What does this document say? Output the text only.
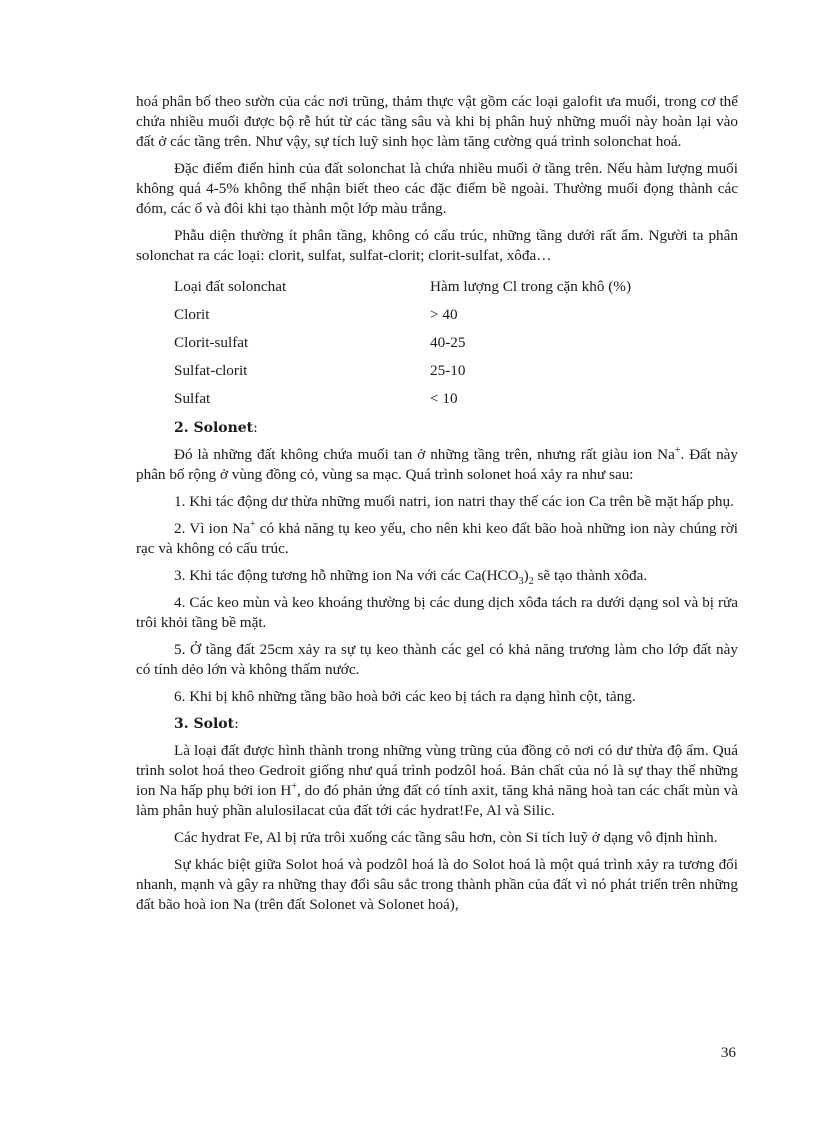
hoá phân bố theo sườn của các nơi trũng, thảm thực vật gồm các loại galofit ưa muối, trong cơ thể chứa nhiều muối được bộ rễ hút từ các tầng sâu và khi bị phân huỷ những muối này hoàn lại vào đất ở các tầng trên. Như vậy, sự tích luỹ sinh học làm tăng cường quá trình solonchat hoá.

Đặc điểm điển hình của đất solonchat là chứa nhiều muối ở tầng trên. Nếu hàm lượng muối không quá 4-5% không thể nhận biết theo các đặc điểm bề ngoài. Thường muối đọng thành các đóm, các ổ và đôi khi tạo thành một lớp màu trắng.

Phẫu diện thường ít phân tầng, không có cấu trúc, những tầng dưới rất ẩm. Người ta phân solonchat ra các loại: clorit, sulfat, sulfat-clorit; clorit-sulfat, xôđa…

Loại đất solonchat	Hàm lượng Cl trong cặn khô (%)
Clorit	> 40
Clorit-sulfat	40-25
Sulfat-clorit	25-10
Sulfat	< 10
2. Solonet:

Đó là những đất không chứa muối tan ở những tầng trên, nhưng rất giàu ion Na+. Đất này phân bố rộng ở vùng đồng cỏ, vùng sa mạc. Quá trình solonet hoá xảy ra như sau:

1. Khi tác động dư thừa những muối natri, ion natri thay thế các ion Ca trên bề mặt hấp phụ.

2. Vì ion Na+ có khả năng tụ keo yếu, cho nên khi keo đất bão hoà những ion này chúng rời rạc và không có cấu trúc.

3. Khi tác động tương hỗ những ion Na với các $Ca(HCO_3)_2$ sẽ tạo thành xôđa.

4. Các keo mùn và keo khoáng thường bị các dung dịch xôđa tách ra dưới dạng sol và bị rửa trôi khỏi tầng bề mặt.

5. Ở tầng đất 25cm xảy ra sự tụ keo thành các gel có khả năng trương làm cho lớp đất này có tính dẻo lớn và không thấm nước.

6. Khi bị khô những tầng bão hoà bởi các keo bị tách ra dạng hình cột, tảng.

3. Solot:

Là loại đất được hình thành trong những vùng trũng của đồng cỏ nơi có dư thừa độ ẩm. Quá trình solot hoá theo Gedroit giống như quá trình podzôl hoá. Bản chất của nó là sự thay thế những ion Na hấp phụ bởi ion H+, do đó phản ứng đất có tính axit, tăng khả năng hoà tan các chất mùn và làm phân huỷ phần alulosilacat của đất tới các hydrat!Fe, Al và Silic.

Các hydrat Fe, Al bị rửa trôi xuống các tầng sâu hơn, còn Si tích luỹ ở dạng vô định hình.

Sự khác biệt giữa Solot hoá và podzôl hoá là do Solot hoá là một quá trình xảy ra tương đối nhanh, mạnh và gây ra những thay đổi sâu sắc trong thành phần của đất vì nó phát triển trên những đất bão hoà ion Na (trên đất Solonet và Solonet hoá),

36
